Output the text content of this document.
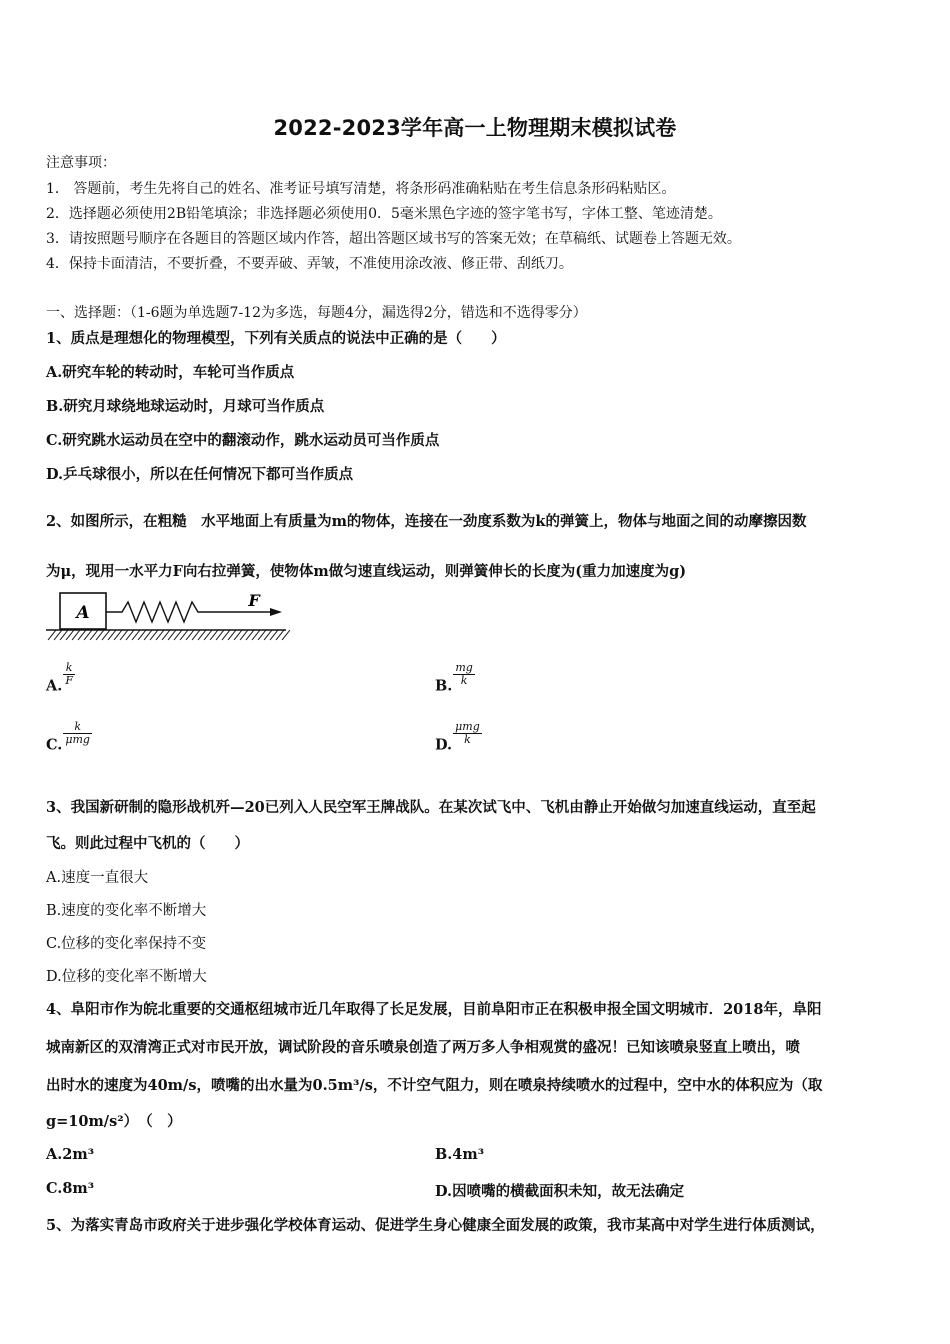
2022-2023学年高一上物理期末模拟试卷
注意事项：
1． 答题前，考生先将自己的姓名、准考证号填写清楚，将条形码准确粘贴在考生信息条形码粘贴区。
2．选择题必须使用2B铅笔填涂；非选择题必须使用0．5毫米黑色字迹的签字笔书写，字体工整、笔迹清楚。
3．请按照题号顺序在各题目的答题区域内作答，超出答题区域书写的答案无效；在草稿纸、试题卷上答题无效。
4．保持卡面清洁，不要折叠，不要弄破、弄皱，不准使用涂改液、修正带、刮纸刀。
一、选择题：（1-6题为单选题7-12为多选，每题4分，漏选得2分，错选和不选得零分）
1、质点是理想化的物理模型，下列有关质点的说法中正确的是（　　）
A.研究车轮的转动时，车轮可当作质点
B.研究月球绕地球运动时，月球可当作质点
C.研究跳水运动员在空中的翻滚动作，跳水运动员可当作质点
D.乒乓球很小，所以在任何情况下都可当作质点
2、如图所示，在粗糙　水平地面上有质量为m的物体，连接在一劲度系数为k的弹簧上，物体与地面之间的动摩擦因数
为μ，现用一水平力F向右拉弹簧，使物体m做匀速直线运动，则弹簧伸长的长度为(重力加速度为g)
A
F
A. $\frac{k}{F}$	B. $\frac{mg}{k}$
C. $\frac{k}{\text{μmg}}$	D. $\frac{\text{μmg}}{k}$
3、我国新研制的隐形战机歼—20已列入人民空军王牌战队。在某次试飞中、飞机由静止开始做匀加速直线运动，直至起
飞。则此过程中飞机的（　　）
A.速度一直很大
B.速度的变化率不断增大
C.位移的变化率保持不变
D.位移的变化率不断增大
4、阜阳市作为皖北重要的交通枢纽城市近几年取得了长足发展，目前阜阳市正在积极申报全国文明城市．2018年，阜阳
城南新区的双清湾正式对市民开放，调试阶段的音乐喷泉创造了两万多人争相观赏的盛况！已知该喷泉竖直上喷出，喷
出时水的速度为40m/s，喷嘴的出水量为0.5m³/s，不计空气阻力，则在喷泉持续喷水的过程中，空中水的体积应为（取
g=10m/s²）　（　）
A.2m³	B.4m³
C.8m³	D.因喷嘴的横截面积未知，故无法确定
5、为落实青岛市政府关于进步强化学校体育运动、促进学生身心健康全面发展的政策，我市某高中对学生进行体质测试，
